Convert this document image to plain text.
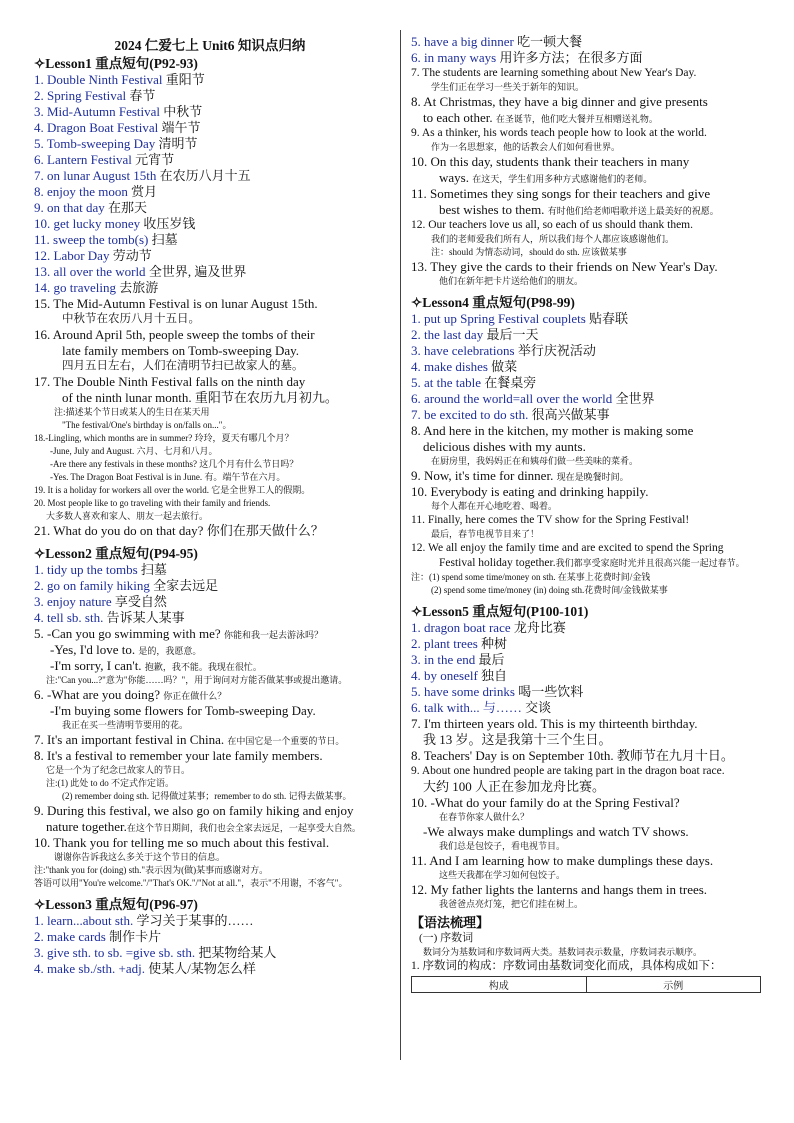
2024 仁爱七上 Unit6 知识点归纳

✧Lesson1 重点短句(P92-93)

1. Double Ninth Festival 重阳节

2. Spring Festival 春节

3. Mid-Autumn Festival 中秋节

4. Dragon Boat Festival 端午节

5. Tomb-sweeping Day 清明节

6. Lantern Festival 元宵节

7. on lunar August 15th 在农历八月十五

8. enjoy the moon 赏月

9. on that day 在那天

10. get lucky money 收压岁钱

11. sweep the tomb(s) 扫墓

12. Labor Day 劳动节

13. all over the world 全世界, 遍及世界

14. go traveling 去旅游

15. The Mid-Autumn Festival is on lunar August 15th.

中秋节在农历八月十五日。

16. Around April 5th, people sweep the tombs of their

late family members on Tomb-sweeping Day.

四月五日左右，人们在清明节扫已故家人的墓。

17. The Double Ninth Festival falls on the ninth day

of the ninth lunar month. 重阳节在农历九月初九。

注:描述某个节日或某人的生日在某天用

"The festival/One's birthday is on/falls on..."。

18.-Lingling, which months are in summer? 玲玲，夏天有哪几个月？

-June, July and August. 六月、七月和八月。

-Are there any festivals in these months? 这几个月有什么节日吗？

-Yes. The Dragon Boat Festival is in June. 有。端午节在六月。

19. It is a holiday for workers all over the world. 它是全世界工人的假期。

20. Most people like to go traveling with their family and friends.

大多数人喜欢和家人、朋友一起去旅行。

21. What do you do on that day? 你们在那天做什么？

✧Lesson2 重点短句(P94-95)

1. tidy up the tombs 扫墓

2. go on family hiking 全家去远足

3. enjoy nature 享受自然

4. tell sb. sth. 告诉某人某事

5. -Can you go swimming with me? 你能和我一起去游泳吗？

-Yes, I'd love to. 是的，我愿意。

-I'm sorry, I can't. 抱歉，我不能。我现在很忙。

注:"Can you...?"意为"你能……吗？"，用于询问对方能否做某事或提出邀请。

6. -What are you doing? 你正在做什么？

-I'm buying some flowers for Tomb-sweeping Day.

我正在买一些清明节要用的花。

7. It's an important festival in China. 在中国它是一个重要的节日。

8. It's a festival to remember your late family members.

它是一个为了纪念已故家人的节日。

注:(1) 此处 to do 不定式作定语。

(2) remember doing sth. 记得做过某事；remember to do sth. 记得去做某事。

9. During this festival, we also go on family hiking and enjoy

nature together.在这个节日期间，我们也会全家去远足，一起享受大自然。

10. Thank you for telling me so much about this festival.

谢谢你告诉我这么多关于这个节日的信息。

注:"thank you for (doing) sth."表示因为(做)某事而感谢对方。

答语可以用"You're welcome."/"That's OK."/"Not at all."，表示"不用谢，不客气"。

✧Lesson3 重点短句(P96-97)

1. learn...about sth. 学习关于某事的……

2. make cards 制作卡片

3. give sth. to sb. =give sb. sth. 把某物给某人

4. make sb./sth. +adj. 使某人/某物怎么样

5. have a big dinner 吃一顿大餐

6. in many ways 用许多方法；在很多方面

7. The students are learning something about New Year's Day.

学生们正在学习一些关于新年的知识。

8. At Christmas, they have a big dinner and give presents

to each other. 在圣诞节，他们吃大餐并互相赠送礼物。

9. As a thinker, his words teach people how to look at the world.

作为一名思想家，他的话教会人们如何看世界。

10. On this day, students thank their teachers in many

ways. 在这天，学生们用多种方式感谢他们的老师。

11. Sometimes they sing songs for their teachers and give

best wishes to them. 有时他们给老师唱歌并送上最美好的祝愿。

12. Our teachers love us all, so each of us should thank them.

我们的老师爱我们所有人，所以我们每个人都应该感谢他们。

注：should 为情态动词，should do sth. 应该做某事

13. They give the cards to their friends on New Year's Day.

他们在新年把卡片送给他们的朋友。

✧Lesson4 重点短句(P98-99)

1. put up Spring Festival couplets 贴春联

2. the last day 最后一天

3. have celebrations 举行庆祝活动

4. make dishes 做菜

5. at the table 在餐桌旁

6. around the world=all over the world 全世界

7. be excited to do sth. 很高兴做某事

8. And here in the kitchen, my mother is making some

delicious dishes with my aunts.

在厨房里，我妈妈正在和姨母们做一些美味的菜肴。

9. Now, it's time for dinner. 现在是晚餐时间。

10. Everybody is eating and drinking happily.

每个人都在开心地吃着、喝着。

11. Finally, here comes the TV show for the Spring Festival!

最后，春节电视节目来了！

12. We all enjoy the family time and are excited to spend the Spring

Festival holiday together.我们都享受家庭时光并且很高兴能一起过春节。

注：(1) spend some time/money on sth. 在某事上花费时间/金钱

(2) spend some time/money (in) doing sth.花费时间/金钱做某事

✧Lesson5 重点短句(P100-101)

1. dragon boat race 龙舟比赛

2. plant trees 种树

3. in the end 最后

4. by oneself 独自

5. have some drinks 喝一些饮料

6. talk with... 与…… 交谈

7. I'm thirteen years old. This is my thirteenth birthday.

我 13 岁。这是我第十三个生日。

8. Teachers' Day is on September 10th. 教师节在九月十日。

9. About one hundred people are taking part in the dragon boat race.

大约 100 人正在参加龙舟比赛。

10. -What do your family do at the Spring Festival?

在春节你家人做什么？

-We always make dumplings and watch TV shows.

我们总是包饺子，看电视节目。

11. And I am learning how to make dumplings these days.

这些天我都在学习如何包饺子。

12. My father lights the lanterns and hangs them in trees.

我爸爸点亮灯笼，把它们挂在树上。

【语法梳理】

(一) 序数词

数词分为基数词和序数词两大类。基数词表示数量，序数词表示顺序。

1. 序数词的构成：序数词由基数词变化而成，具体构成如下：

构成	示例
